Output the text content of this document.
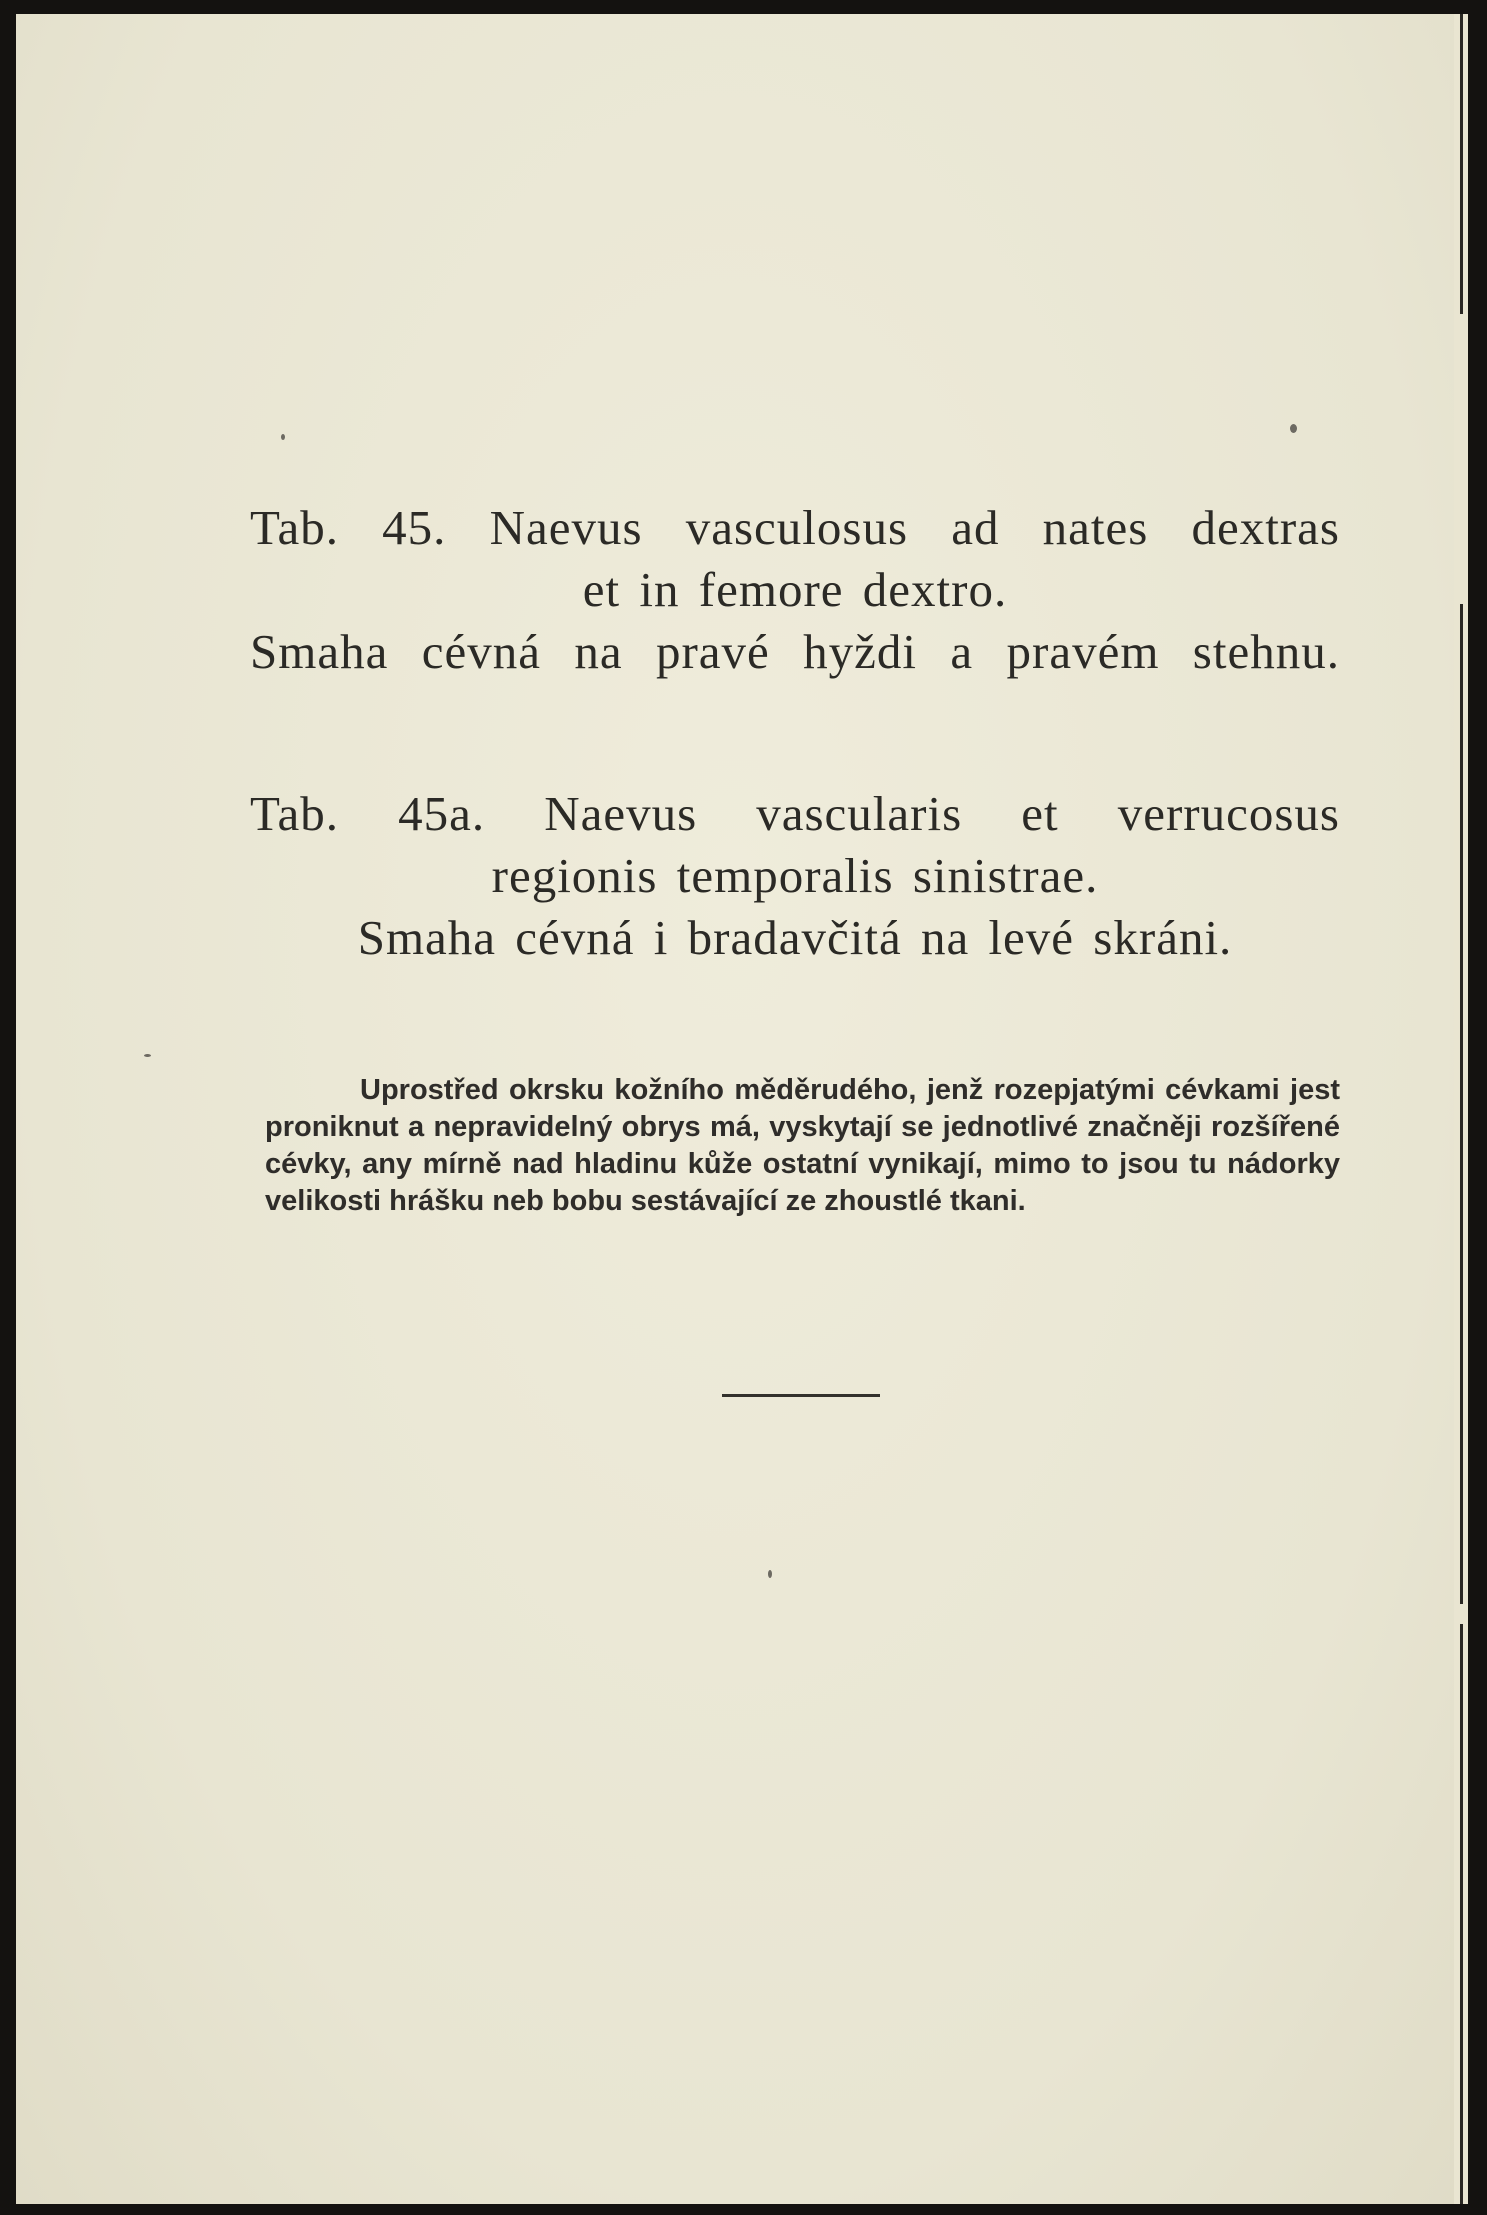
Tab. 45. Naevus vasculosus ad nates dextras
et in femore dextro.
Smaha cévná na pravé hyždi a pravém stehnu.
Tab. 45a. Naevus vascularis et verrucosus
regionis temporalis sinistrae.
Smaha cévná i bradavčitá na levé skráni.
Uprostřed okrsku kožního měděrudého, jenž rozepjatými cévkami jest proniknut a nepravidelný obrys má, vyskytají se jednotlivé značněji rozšířené cévky, any mírně nad hladinu kůže ostatní vynikají, mimo to jsou tu nádorky velikosti hrášku neb bobu sestávající ze zhoustlé tkani.
